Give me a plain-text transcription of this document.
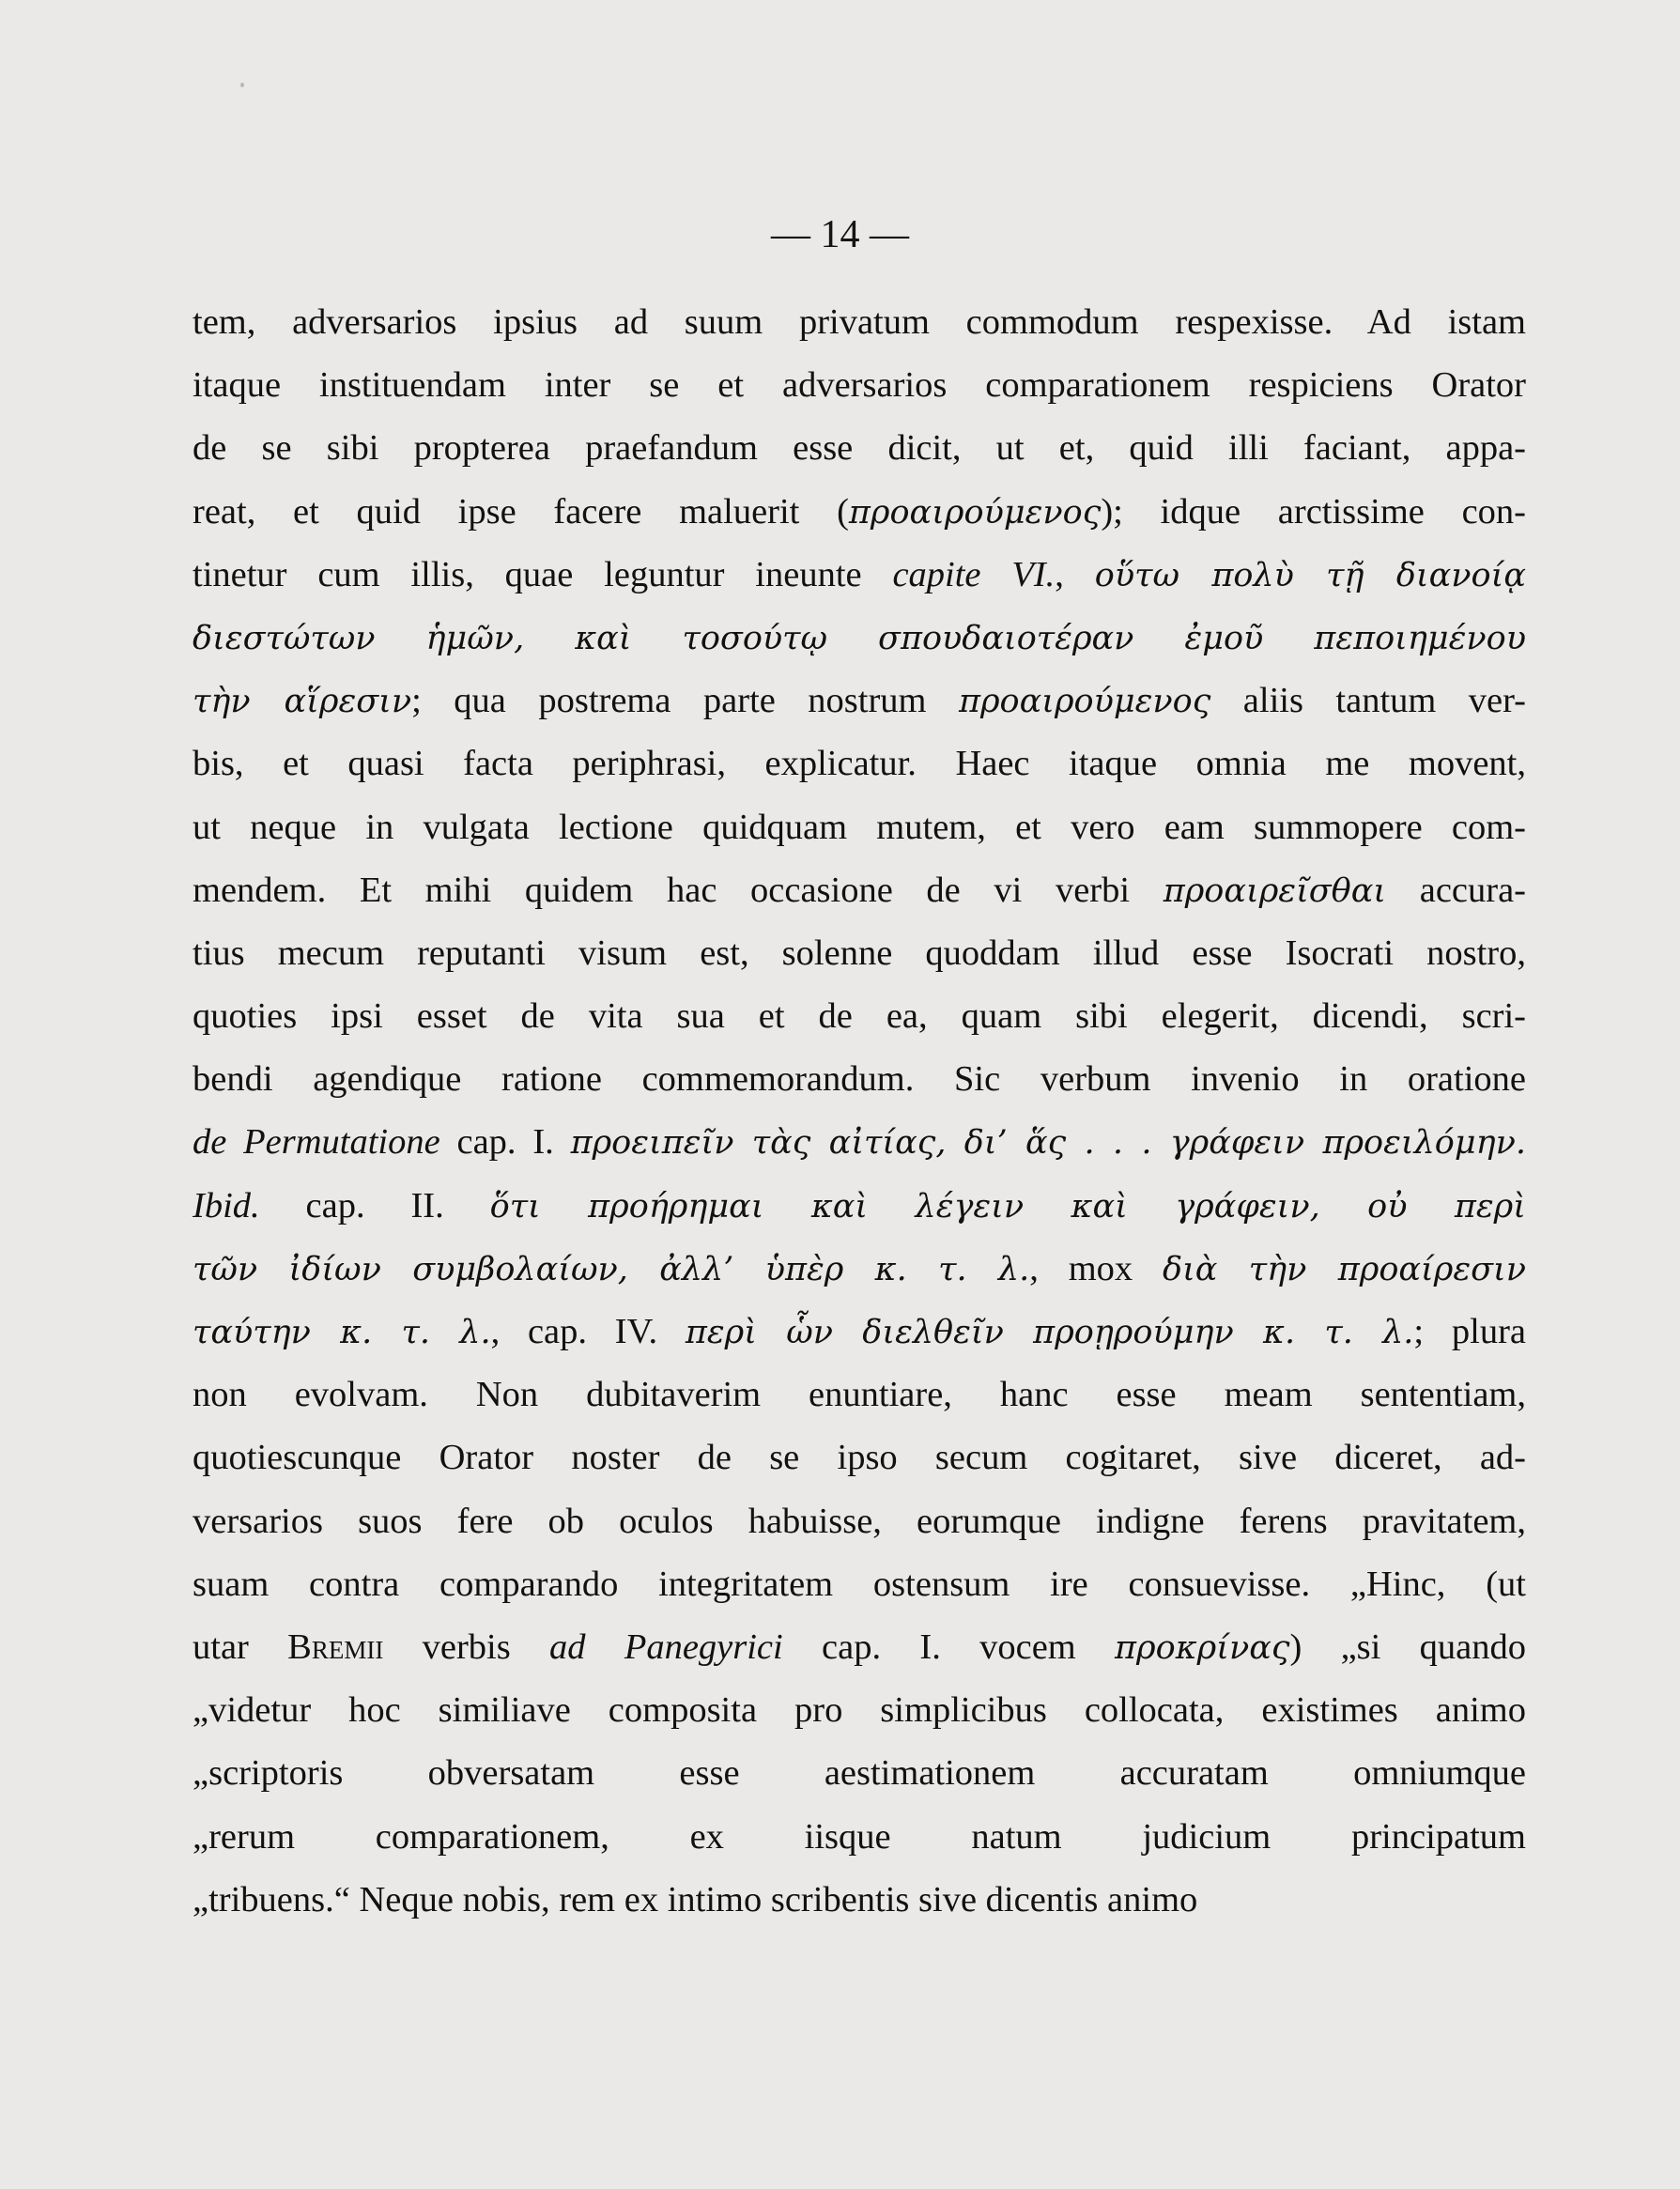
— 14 —
tem, adversarios ipsius ad suum privatum commodum respexisse. Ad istam
itaque instituendam inter se et adversarios comparationem respiciens Orator
de se sibi propterea praefandum esse dicit, ut et, quid illi faciant, appa-
reat, et quid ipse facere maluerit (προαιρούμενος); idque arctissime con-
tinetur cum illis, quae leguntur ineunte capite VI., οὕτω πολὺ τῇ διανοίᾳ
διεστώτων ἡμῶν, καὶ τοσούτῳ σπουδαιοτέραν ἐμοῦ πεποιημένου
τὴν αἵρεσιν; qua postrema parte nostrum προαιρούμενος aliis tantum ver-
bis, et quasi facta periphrasi, explicatur. Haec itaque omnia me movent,
ut neque in vulgata lectione quidquam mutem, et vero eam summopere com-
mendem. Et mihi quidem hac occasione de vi verbi προαιρεῖσθαι accura-
tius mecum reputanti visum est, solenne quoddam illud esse Isocrati nostro,
quoties ipsi esset de vita sua et de ea, quam sibi elegerit, dicendi, scri-
bendi agendique ratione commemorandum. Sic verbum invenio in oratione
de Permutatione cap. I. προειπεῖν τὰς αἰτίας, δι’ ἅς . . . γράφειν προειλόμην.
Ibid. cap. II. ὅτι προήρημαι καὶ λέγειν καὶ γράφειν, οὐ περὶ
τῶν ἰδίων συμβολαίων, ἀλλ’ ὑπὲρ κ. τ. λ., mox διὰ τὴν προαίρεσιν
ταύτην κ. τ. λ., cap. IV. περὶ ὧν διελθεῖν προῃρούμην κ. τ. λ.; plura
non evolvam. Non dubitaverim enuntiare, hanc esse meam sententiam,
quotiescunque Orator noster de se ipso secum cogitaret, sive diceret, ad-
versarios suos fere ob oculos habuisse, eorumque indigne ferens pravitatem,
suam contra comparando integritatem ostensum ire consuevisse. „Hinc, (ut
utar Bremii verbis ad Panegyrici cap. I. vocem προκρίνας) „si quando
„videtur hoc similiave composita pro simplicibus collocata, existimes animo
„scriptoris obversatam esse aestimationem accuratam omniumque
„rerum comparationem, ex iisque natum judicium principatum
„tribuens.“ Neque nobis, rem ex intimo scribentis sive dicentis animo
